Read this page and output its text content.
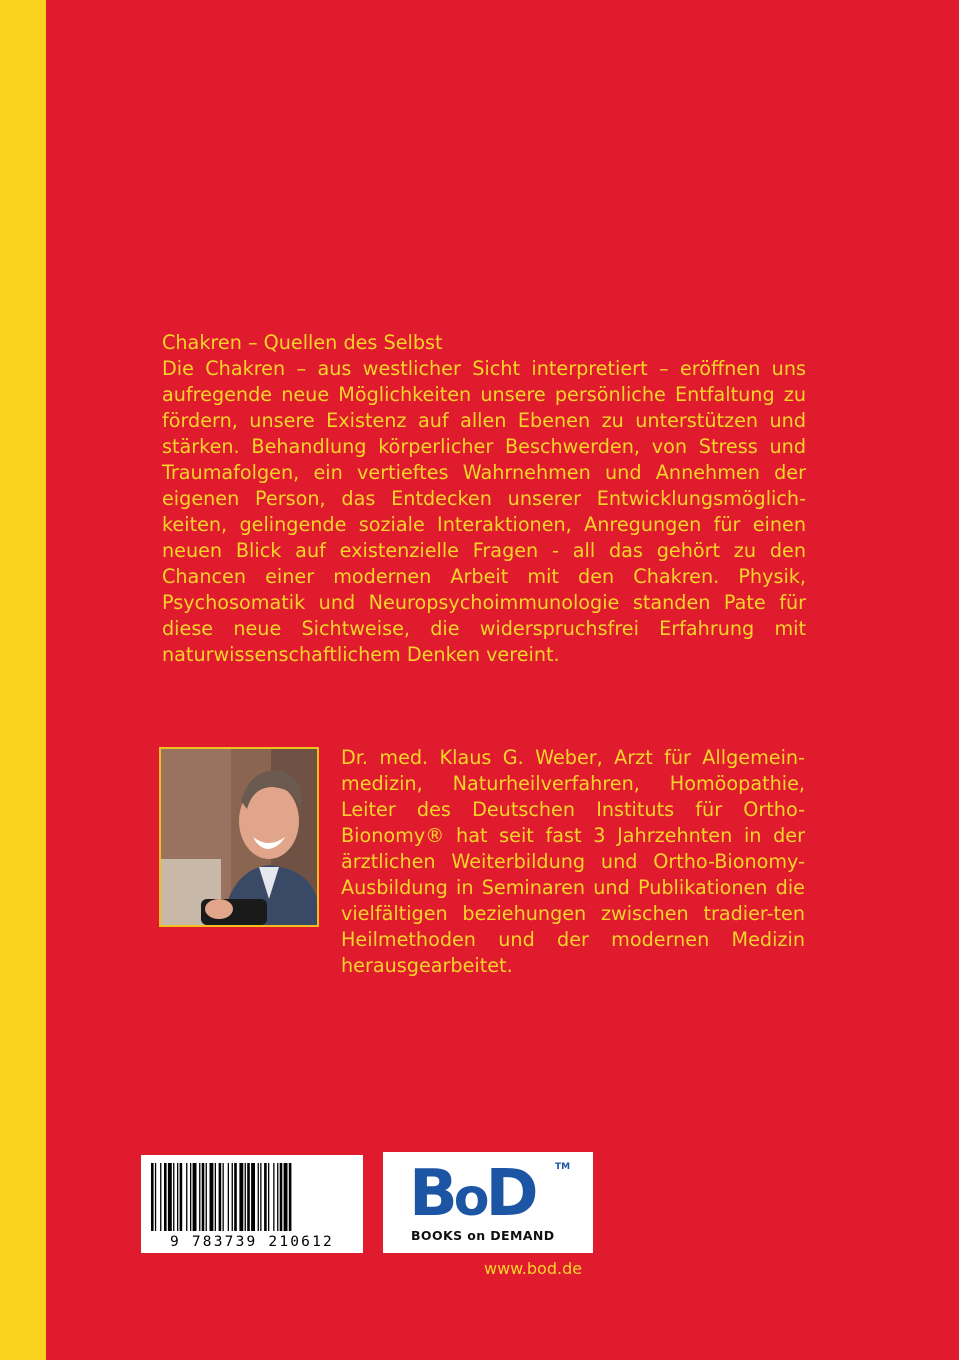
Chakren – Quellen des Selbst

Die Chakren – aus westlicher Sicht interpretiert – eröffnen uns aufregende neue Möglichkeiten unsere persönliche Entfaltung zu fördern, unsere Existenz auf allen Ebenen zu unterstützen und stärken. Behandlung körperlicher Beschwerden, von Stress und Traumafolgen, ein vertieftes Wahrnehmen und Annehmen der eigenen Person, das Entdecken unserer Entwicklungsmöglich-keiten, gelingende soziale Interaktionen, Anregungen für einen neuen Blick auf existenzielle Fragen - all das gehört zu den Chancen einer modernen Arbeit mit den Chakren. Physik, Psychosomatik und Neuropsychoimmunologie standen Pate für diese neue Sichtweise, die widerspruchsfrei Erfahrung mit naturwissenschaftlichem Denken vereint.

Dr. med. Klaus G. Weber, Arzt für Allgemein-medizin, Naturheilverfahren, Homöopathie, Leiter des Deutschen Instituts für Ortho-Bionomy® hat seit fast 3 Jahrzehnten in der ärztlichen Weiterbildung und Ortho-Bionomy-Ausbildung in Seminaren und Publikationen die vielfältigen beziehungen zwischen tradier-ten Heilmethoden und der modernen Medizin herausgearbeitet.

9 783739 210612
BoD TM
BOOKS on DEMAND
www.bod.de
